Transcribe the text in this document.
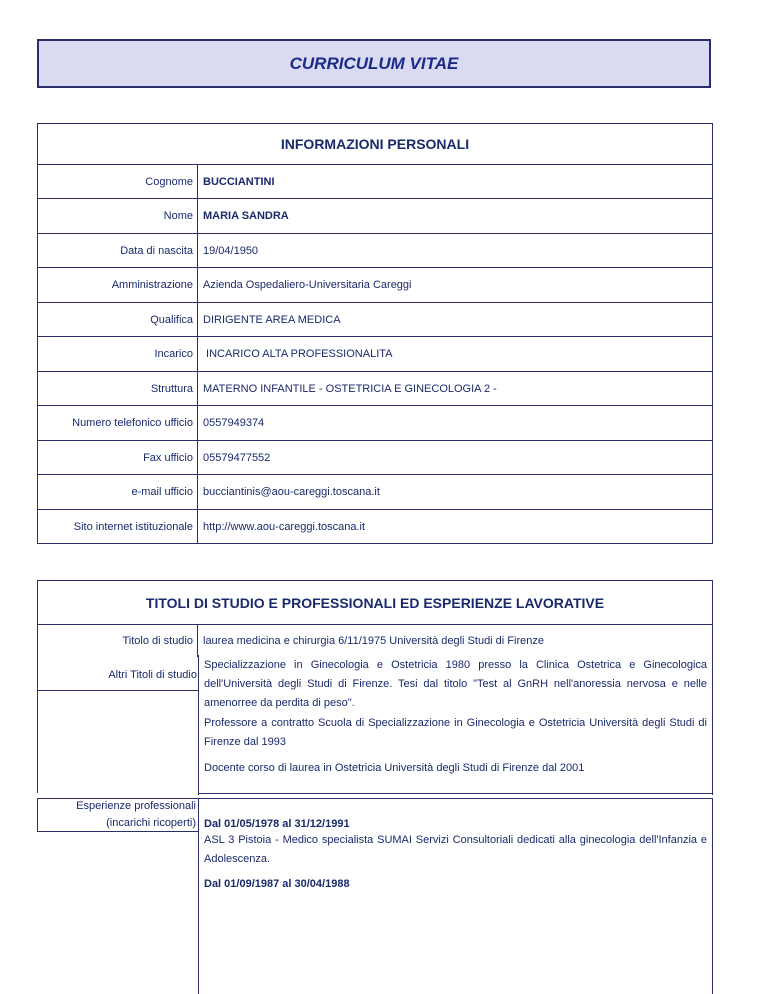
CURRICULUM VITAE
INFORMAZIONI PERSONALI
Cognome BUCCIANTINI
Nome MARIA SANDRA
Data di nascita 19/04/1950
Amministrazione Azienda Ospedaliero-Universitaria Careggi
Qualifica DIRIGENTE AREA MEDICA
Incarico INCARICO ALTA PROFESSIONALITA
Struttura MATERNO INFANTILE - OSTETRICIA E GINECOLOGIA 2 -
Numero telefonico ufficio 0557949374
Fax ufficio 05579477552
e-mail ufficio bucciantinis@aou-careggi.toscana.it
Sito internet istituzionale http://www.aou-careggi.toscana.it
TITOLI DI STUDIO E PROFESSIONALI ED ESPERIENZE LAVORATIVE
Titolo di studio laurea medicina e chirurgia 6/11/1975 Università degli Studi di Firenze
Altri Titoli di studio
Specializzazione in Ginecologia e Ostetricia 1980 presso la Clinica Ostetrica e Ginecologica dell'Università degli Studi di Firenze. Tesi dal titolo "Test al GnRH nell'anoressia nervosa e nelle amenorree da perdita di peso".
Professore a contratto Scuola di Specializzazione in Ginecologia e Ostetricia Università degli Studi di Firenze dal 1993
Docente corso di laurea in Ostetricia Università degli Studi di Firenze dal 2001
Esperienze professionali
(incarichi ricoperti) Dal 01/05/1978 al 31/12/1991
ASL 3 Pistoia - Medico specialista SUMAI Servizi Consultoriali dedicati alla ginecologia dell'Infanzia e Adolescenza.
Dal 01/09/1987 al 30/04/1988
